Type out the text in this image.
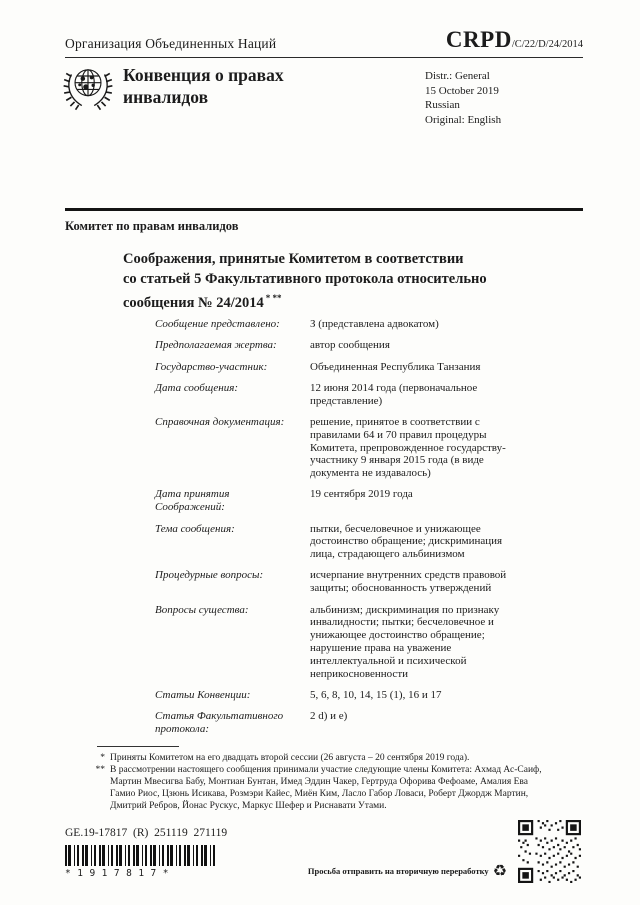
Организация Объединенных Наций	CRPD/C/22/D/24/2014
Конвенция о правах инвалидов
Distr.: General
15 October 2019
Russian
Original: English
Комитет по правам инвалидов
Соображения, принятые Комитетом в соответствии
со статьей 5 Факультативного протокола относительно
сообщения № 24/2014 * **
Сообщение представлено:	З (представлена адвокатом)
Предполагаемая жертва:	автор сообщения
Государство-участник:	Объединенная Республика Танзания
Дата сообщения:	12 июня 2014 года (первоначальное представление)
Справочная документация:	решение, принятое в соответствии с правилами 64 и 70 правил процедуры Комитета, препровожденное государству-участнику 9 января 2015 года (в виде документа не издавалось)
Дата принятия Соображений:
19 сентября 2019 года
Тема сообщения:	пытки, бесчеловечное и унижающее достоинство обращение; дискриминация лица, страдающего альбинизмом
Процедурные вопросы:	исчерпание внутренних средств правовой защиты; обоснованность утверждений
Вопросы существа:	альбинизм; дискриминация по признаку инвалидности; пытки; бесчеловечное и унижающее достоинство обращение; нарушение права на уважение интеллектуальной и психической неприкосновенности
Статьи Конвенции:	5, 6, 8, 10, 14, 15 (1), 16 и 17
Статья Факультативного протокола:
2 d) и e)
* Приняты Комитетом на его двадцать второй сессии (26 августа – 20 сентября 2019 года).
** В рассмотрении настоящего сообщения принимали участие следующие члены Комитета: Ахмад Ас-Саиф, Мартин Мвесигва Бабу, Монтиан Бунтан, Имед Эддин Чакер, Гертруда Офорива Фефоаме, Амалия Ева Гамио Риос, Цзюнь Исикава, Розмэри Кайес, Миён Ким, Ласло Габор Ловаси, Роберт Джордж Мартин, Дмитрий Ребров, Йонас Рускус, Маркус Шефер и Риснавати Утами.
GE.19-17817  (R)  251119  271119
*1917817*	Просьба отправить на вторичную переработку ♻
